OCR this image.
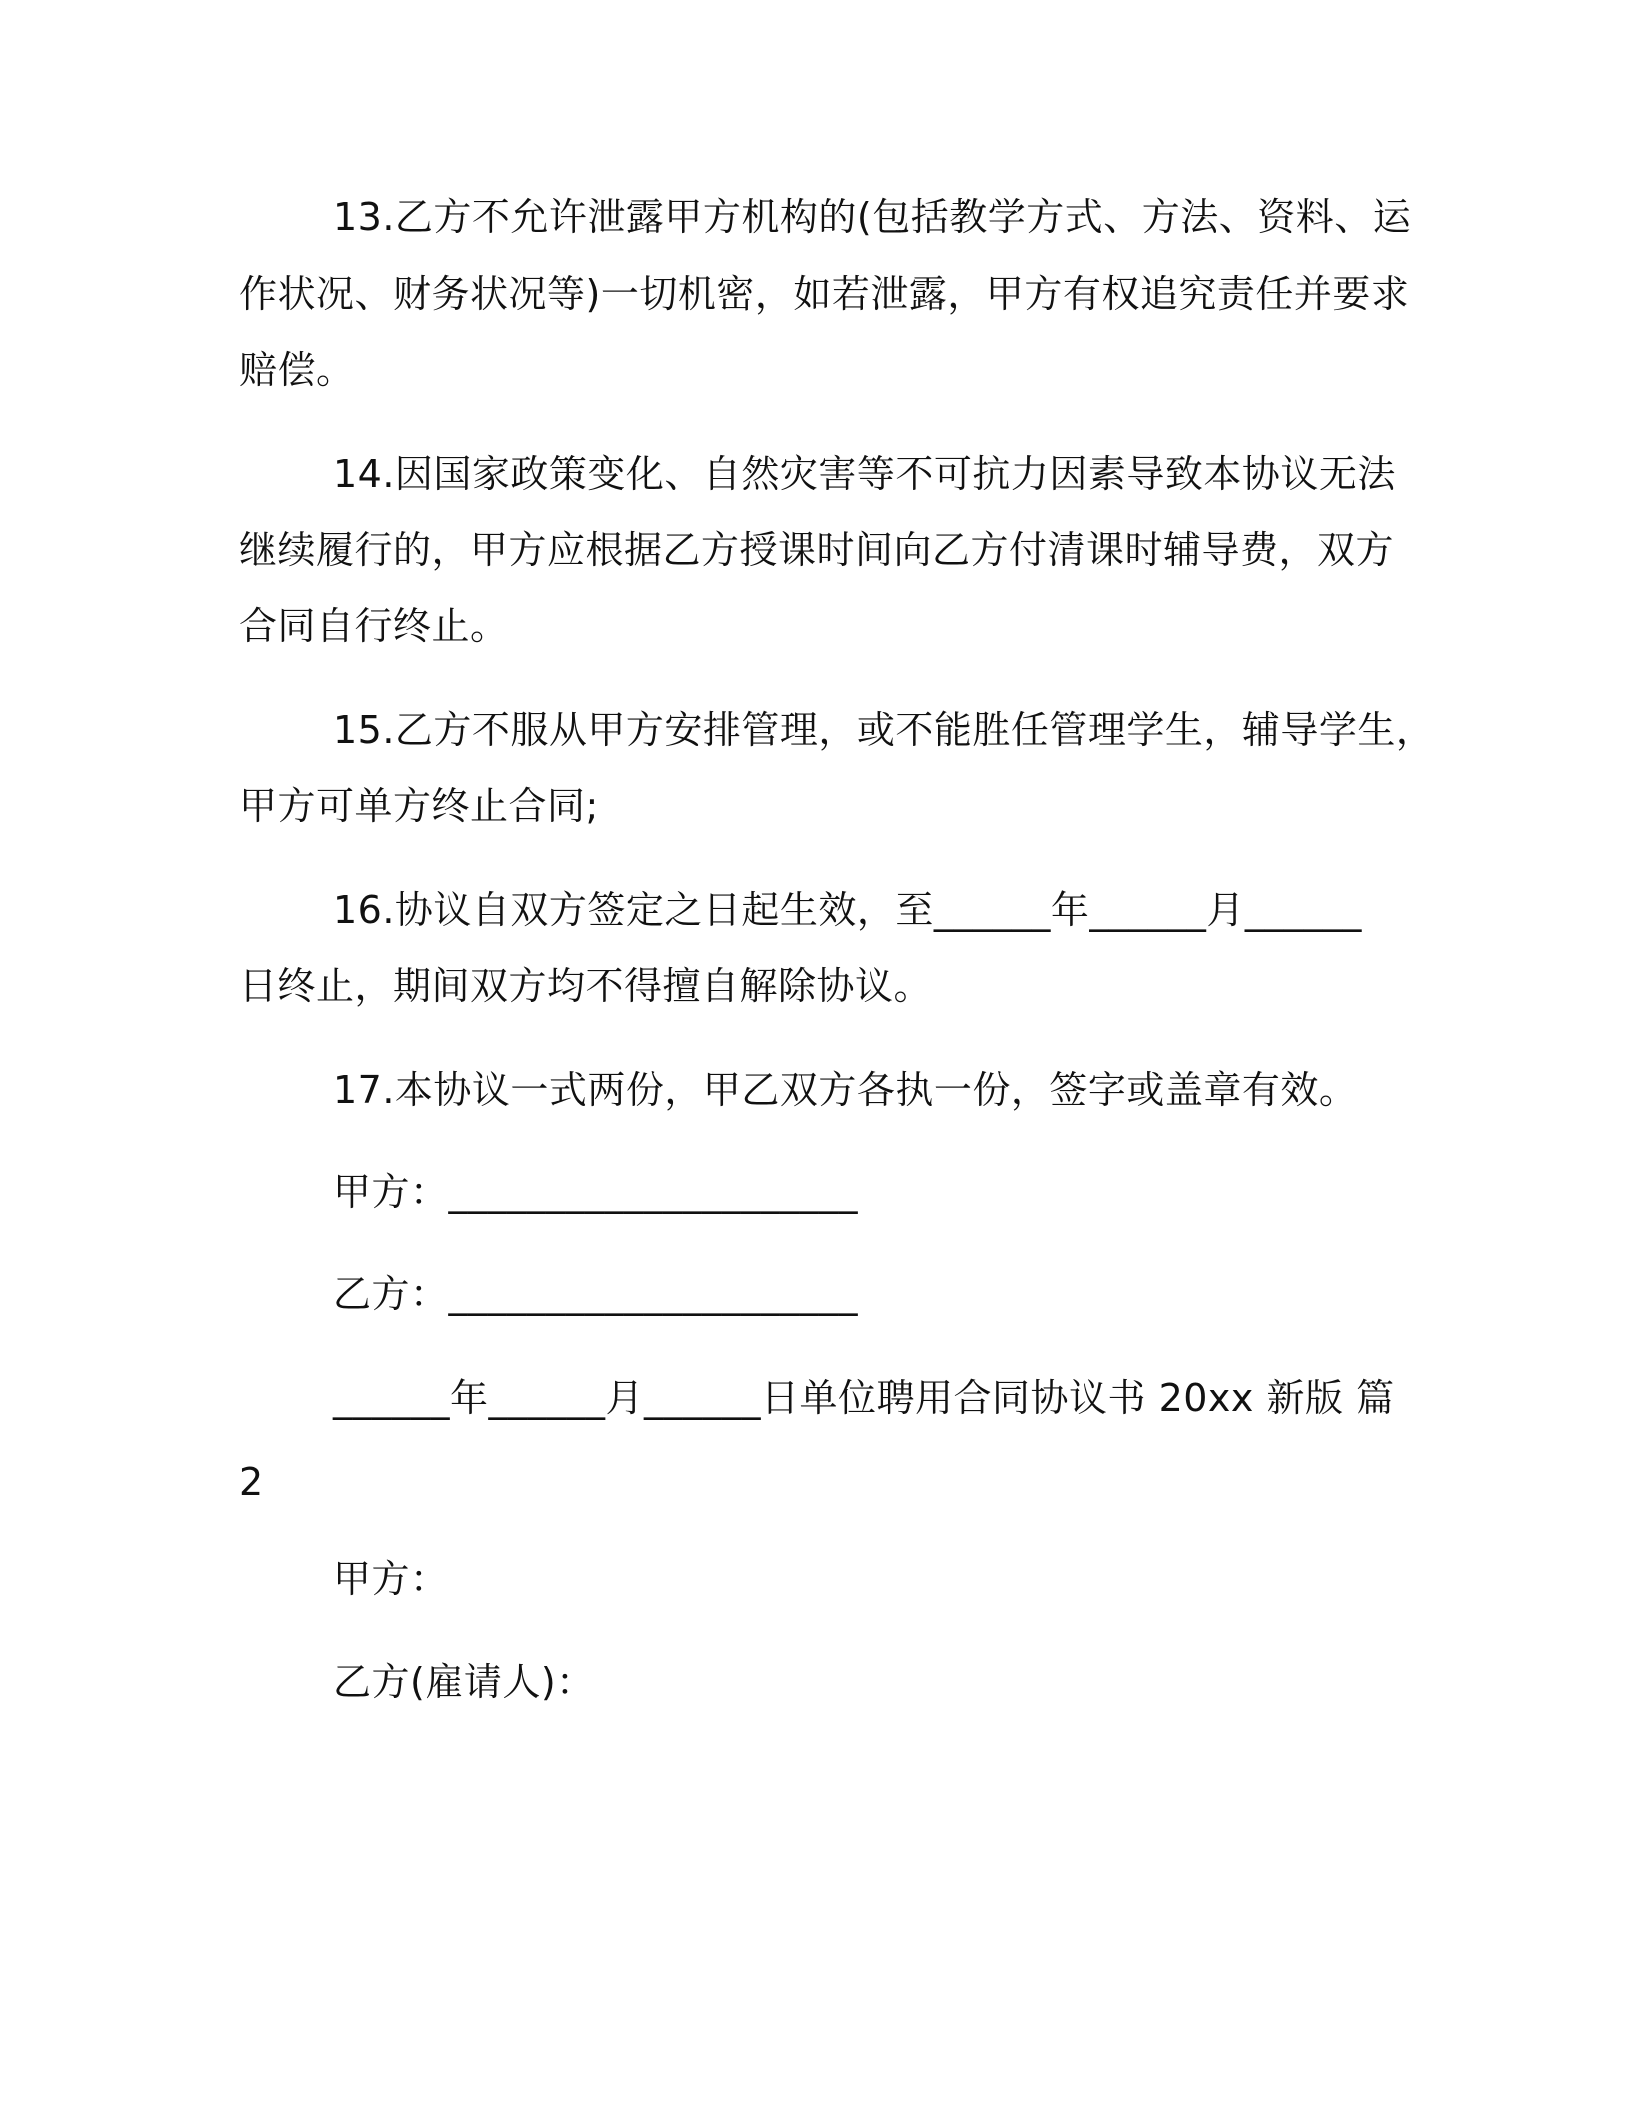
13.乙方不允许泄露甲方机构的(包括教学方式、方法、资料、运
作状况、财务状况等)一切机密，如若泄露，甲方有权追究责任并要求
赔偿。
14.因国家政策变化、自然灾害等不可抗力因素导致本协议无法
继续履行的，甲方应根据乙方授课时间向乙方付清课时辅导费，双方
合同自行终止。
15.乙方不服从甲方安排管理，或不能胜任管理学生，辅导学生，
甲方可单方终止合同;
16.协议自双方签定之日起生效，至______年______月______
日终止，期间双方均不得擅自解除协议。
17.本协议一式两份，甲乙双方各执一份，签字或盖章有效。
甲方：_____________________
乙方：_____________________
______年______月______日单位聘用合同协议书 20xx 新版 篇
2
甲方：
乙方(雇请人)：
